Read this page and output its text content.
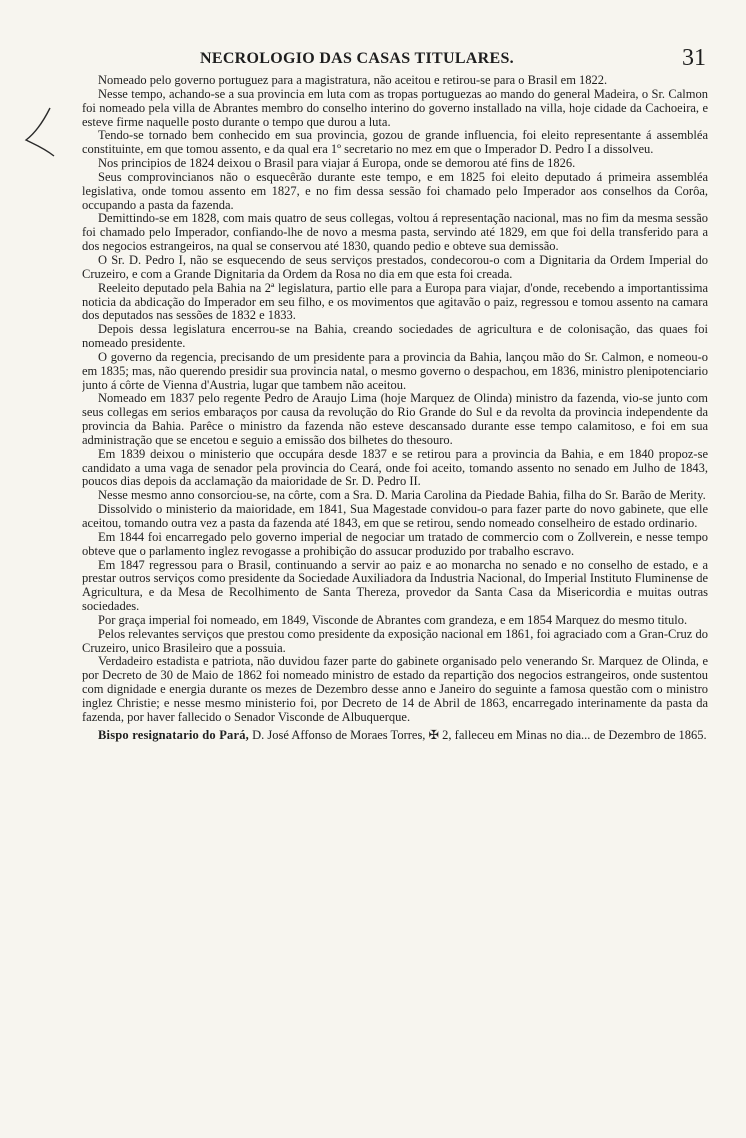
NECROLOGIO DAS CASAS TITULARES.	31

Nomeado pelo governo portuguez para a magistratura, não aceitou e retirou-se para o Brasil em 1822.

Nesse tempo, achando-se a sua provincia em luta com as tropas portuguezas ao mando do general Madeira, o Sr. Calmon foi nomeado pela villa de Abrantes membro do conselho interino do governo installado na villa, hoje cidade da Cachoeira, e esteve firme naquelle posto durante o tempo que durou a luta.

Tendo-se tornado bem conhecido em sua provincia, gozou de grande influencia, foi eleito representante á assembléa constituinte, em que tomou assento, e da qual era 1º secretario no mez em que o Imperador D. Pedro I a dissolveu.

Nos principios de 1824 deixou o Brasil para viajar á Europa, onde se demorou até fins de 1826.

Seus comprovincianos não o esquecêrão durante este tempo, e em 1825 foi eleito deputado á primeira assembléa legislativa, onde tomou assento em 1827, e no fim dessa sessão foi chamado pelo Imperador aos conselhos da Corôa, occupando a pasta da fazenda.

Demittindo-se em 1828, com mais quatro de seus collegas, voltou á representação nacional, mas no fim da mesma sessão foi chamado pelo Imperador, confiando-lhe de novo a mesma pasta, servindo até 1829, em que foi della transferido para a dos negocios estrangeiros, na qual se conservou até 1830, quando pedio e obteve sua demissão.

O Sr. D. Pedro I, não se esquecendo de seus serviços prestados, condecorou-o com a Dignitaria da Ordem Imperial do Cruzeiro, e com a Grande Dignitaria da Ordem da Rosa no dia em que esta foi creada.

Reeleito deputado pela Bahia na 2ª legislatura, partio elle para a Europa para viajar, d'onde, recebendo a importantissima noticia da abdicação do Imperador em seu filho, e os movimentos que agitavão o paiz, regressou e tomou assento na camara dos deputados nas sessões de 1832 e 1833.

Depois dessa legislatura encerrou-se na Bahia, creando sociedades de agricultura e de colonisação, das quaes foi nomeado presidente.

O governo da regencia, precisando de um presidente para a provincia da Bahia, lançou mão do Sr. Calmon, e nomeou-o em 1835; mas, não querendo presidir sua provincia natal, o mesmo governo o despachou, em 1836, ministro plenipotenciario junto á côrte de Vienna d'Austria, lugar que tambem não aceitou.

Nomeado em 1837 pelo regente Pedro de Araujo Lima (hoje Marquez de Olinda) ministro da fazenda, vio-se junto com seus collegas em serios embaraços por causa da revolução do Rio Grande do Sul e da revolta da provincia independente da provincia da Bahia. Parêce o ministro da fazenda não esteve descansado durante esse tempo calamitoso, e foi em sua administração que se encetou e seguio a emissão dos bilhetes do thesouro.

Em 1839 deixou o ministerio que occupára desde 1837 e se retirou para a provincia da Bahia, e em 1840 propoz-se candidato a uma vaga de senador pela provincia do Ceará, onde foi aceito, tomando assento no senado em Julho de 1843, poucos dias depois da acclamação da maioridade de Sr. D. Pedro II.

Nesse mesmo anno consorciou-se, na côrte, com a Sra. D. Maria Carolina da Piedade Bahia, filha do Sr. Barão de Merity.

Dissolvido o ministerio da maioridade, em 1841, Sua Magestade convidou-o para fazer parte do novo gabinete, que elle aceitou, tomando outra vez a pasta da fazenda até 1843, em que se retirou, sendo nomeado conselheiro de estado ordinario.

Em 1844 foi encarregado pelo governo imperial de negociar um tratado de commercio com o Zollverein, e nesse tempo obteve que o parlamento inglez revogasse a prohibição do assucar produzido por trabalho escravo.

Em 1847 regressou para o Brasil, continuando a servir ao paiz e ao monarcha no senado e no conselho de estado, e a prestar outros serviços como presidente da Sociedade Auxiliadora da Industria Nacional, do Imperial Instituto Fluminense de Agricultura, e da Mesa de Recolhimento de Santa Thereza, provedor da Santa Casa da Misericordia e muitas outras sociedades.

Por graça imperial foi nomeado, em 1849, Visconde de Abrantes com grandeza, e em 1854 Marquez do mesmo titulo.

Pelos relevantes serviços que prestou como presidente da exposição nacional em 1861, foi agraciado com a Gran-Cruz do Cruzeiro, unico Brasileiro que a possuia.

Verdadeiro estadista e patriota, não duvidou fazer parte do gabinete organisado pelo venerando Sr. Marquez de Olinda, e por Decreto de 30 de Maio de 1862 foi nomeado ministro de estado da repartição dos negocios estrangeiros, onde sustentou com dignidade e energia durante os mezes de Dezembro desse anno e Janeiro do seguinte a famosa questão com o ministro inglez Christie; e nesse mesmo ministerio foi, por Decreto de 14 de Abril de 1863, encarregado interinamente da pasta da fazenda, por haver fallecido o Senador Visconde de Albuquerque.

Bispo resignatario do Pará, D. José Affonso de Moraes Torres, ✠ 2, falleceu em Minas no dia... de Dezembro de 1865.
